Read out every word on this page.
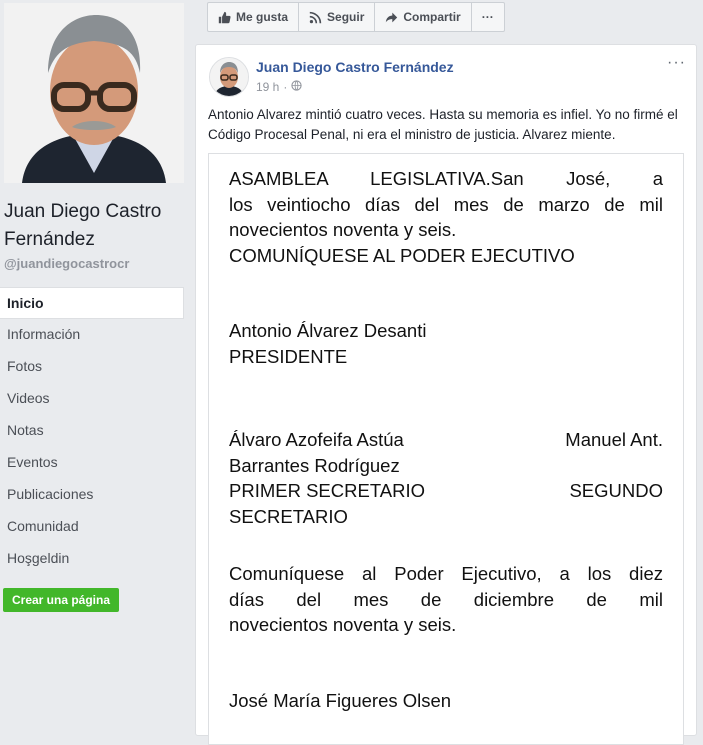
Juan Diego Castro Fernández
@juandiegocastrocr
Inicio
Información
Fotos
Videos
Notas
Eventos
Publicaciones
Comunidad
Hoşgeldin
Crear una página
Me gusta	Seguir	Compartir ···
Juan Diego Castro Fernández
19 h ·
···
Antonio Alvarez mintió cuatro veces. Hasta su memoria es infiel. Yo no firmé el Código Procesal Penal, ni era el ministro de justicia. Alvarez miente.
ASAMBLEA LEGISLATIVA.San José, a
los veintiocho días del mes de marzo de mil
novecientos noventa y seis.
COMUNÍQUESE AL PODER EJECUTIVO
Antonio Álvarez Desanti
PRESIDENTE
Álvaro Azofeifa Astúa	Manuel Ant.
Barrantes Rodríguez
PRIMER SECRETARIO	SEGUNDO
SECRETARIO
Comuníquese al Poder Ejecutivo, a los diez
días del mes de diciembre de mil
novecientos noventa y seis.
José María Figueres Olsen
